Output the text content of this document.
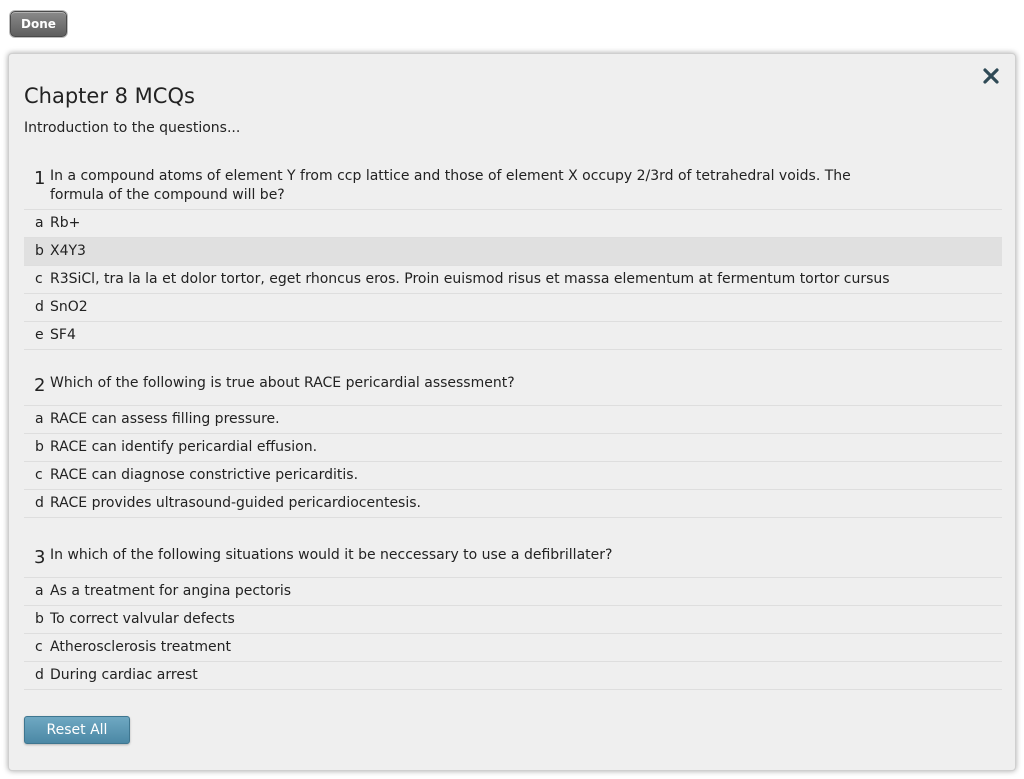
Done
Chapter 8 MCQs
Introduction to the questions...
1 In a compound atoms of element Y from ccp lattice and those of element X occupy 2/3rd of tetrahedral voids. The formula of the compound will be?
a Rb+
b X4Y3
c R3SiCl, tra la la et dolor tortor, eget rhoncus eros. Proin euismod risus et massa elementum at fermentum tortor cursus
d SnO2
e SF4
2 Which of the following is true about RACE pericardial assessment?
a RACE can assess filling pressure.
b RACE can identify pericardial effusion.
c RACE can diagnose constrictive pericarditis.
d RACE provides ultrasound-guided pericardiocentesis.
3 In which of the following situations would it be neccessary to use a defibrillater?
a As a treatment for angina pectoris
b To correct valvular defects
c Atherosclerosis treatment
d During cardiac arrest
Reset All
